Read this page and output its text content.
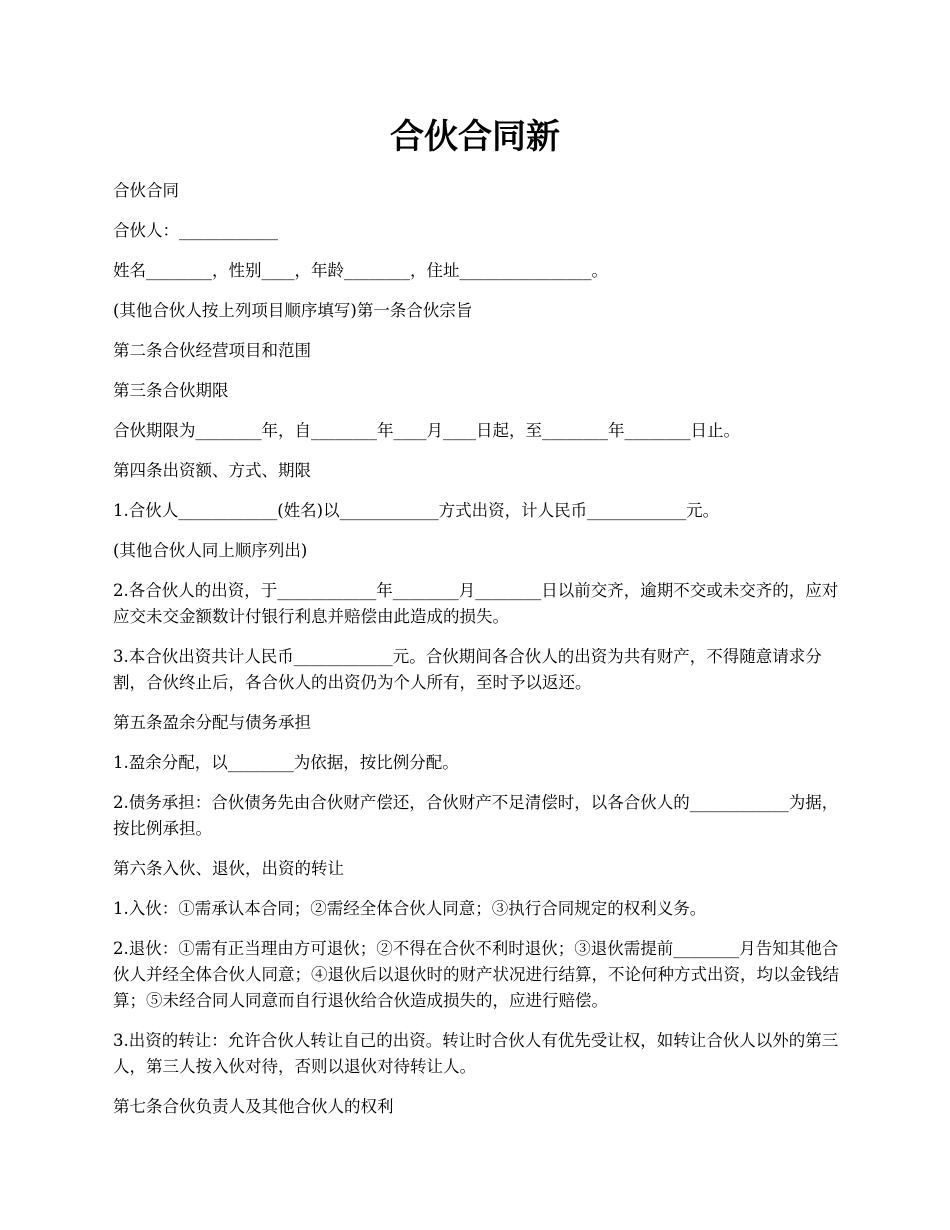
合伙合同新

合伙合同

合伙人：____________

姓名________，性别____，年龄________，住址________________。

(其他合伙人按上列项目顺序填写)第一条合伙宗旨

第二条合伙经营项目和范围

第三条合伙期限

合伙期限为________年，自________年____月____日起，至________年________日止。

第四条出资额、方式、期限

1.合伙人____________(姓名)以____________方式出资，计人民币____________元。

(其他合伙人同上顺序列出)

2.各合伙人的出资，于____________年________月________日以前交齐，逾期不交或未交齐的，应对应交未交金额数计付银行利息并赔偿由此造成的损失。

3.本合伙出资共计人民币____________元。合伙期间各合伙人的出资为共有财产，不得随意请求分割，合伙终止后，各合伙人的出资仍为个人所有，至时予以返还。

第五条盈余分配与债务承担

1.盈余分配，以________为依据，按比例分配。

2.债务承担：合伙债务先由合伙财产偿还，合伙财产不足清偿时，以各合伙人的____________为据，按比例承担。

第六条入伙、退伙，出资的转让

1.入伙：①需承认本合同；②需经全体合伙人同意；③执行合同规定的权利义务。

2.退伙：①需有正当理由方可退伙；②不得在合伙不利时退伙；③退伙需提前________月告知其他合伙人并经全体合伙人同意；④退伙后以退伙时的财产状况进行结算，不论何种方式出资，均以金钱结算；⑤未经合同人同意而自行退伙给合伙造成损失的，应进行赔偿。

3.出资的转让：允许合伙人转让自己的出资。转让时合伙人有优先受让权，如转让合伙人以外的第三人，第三人按入伙对待，否则以退伙对待转让人。

第七条合伙负责人及其他合伙人的权利
